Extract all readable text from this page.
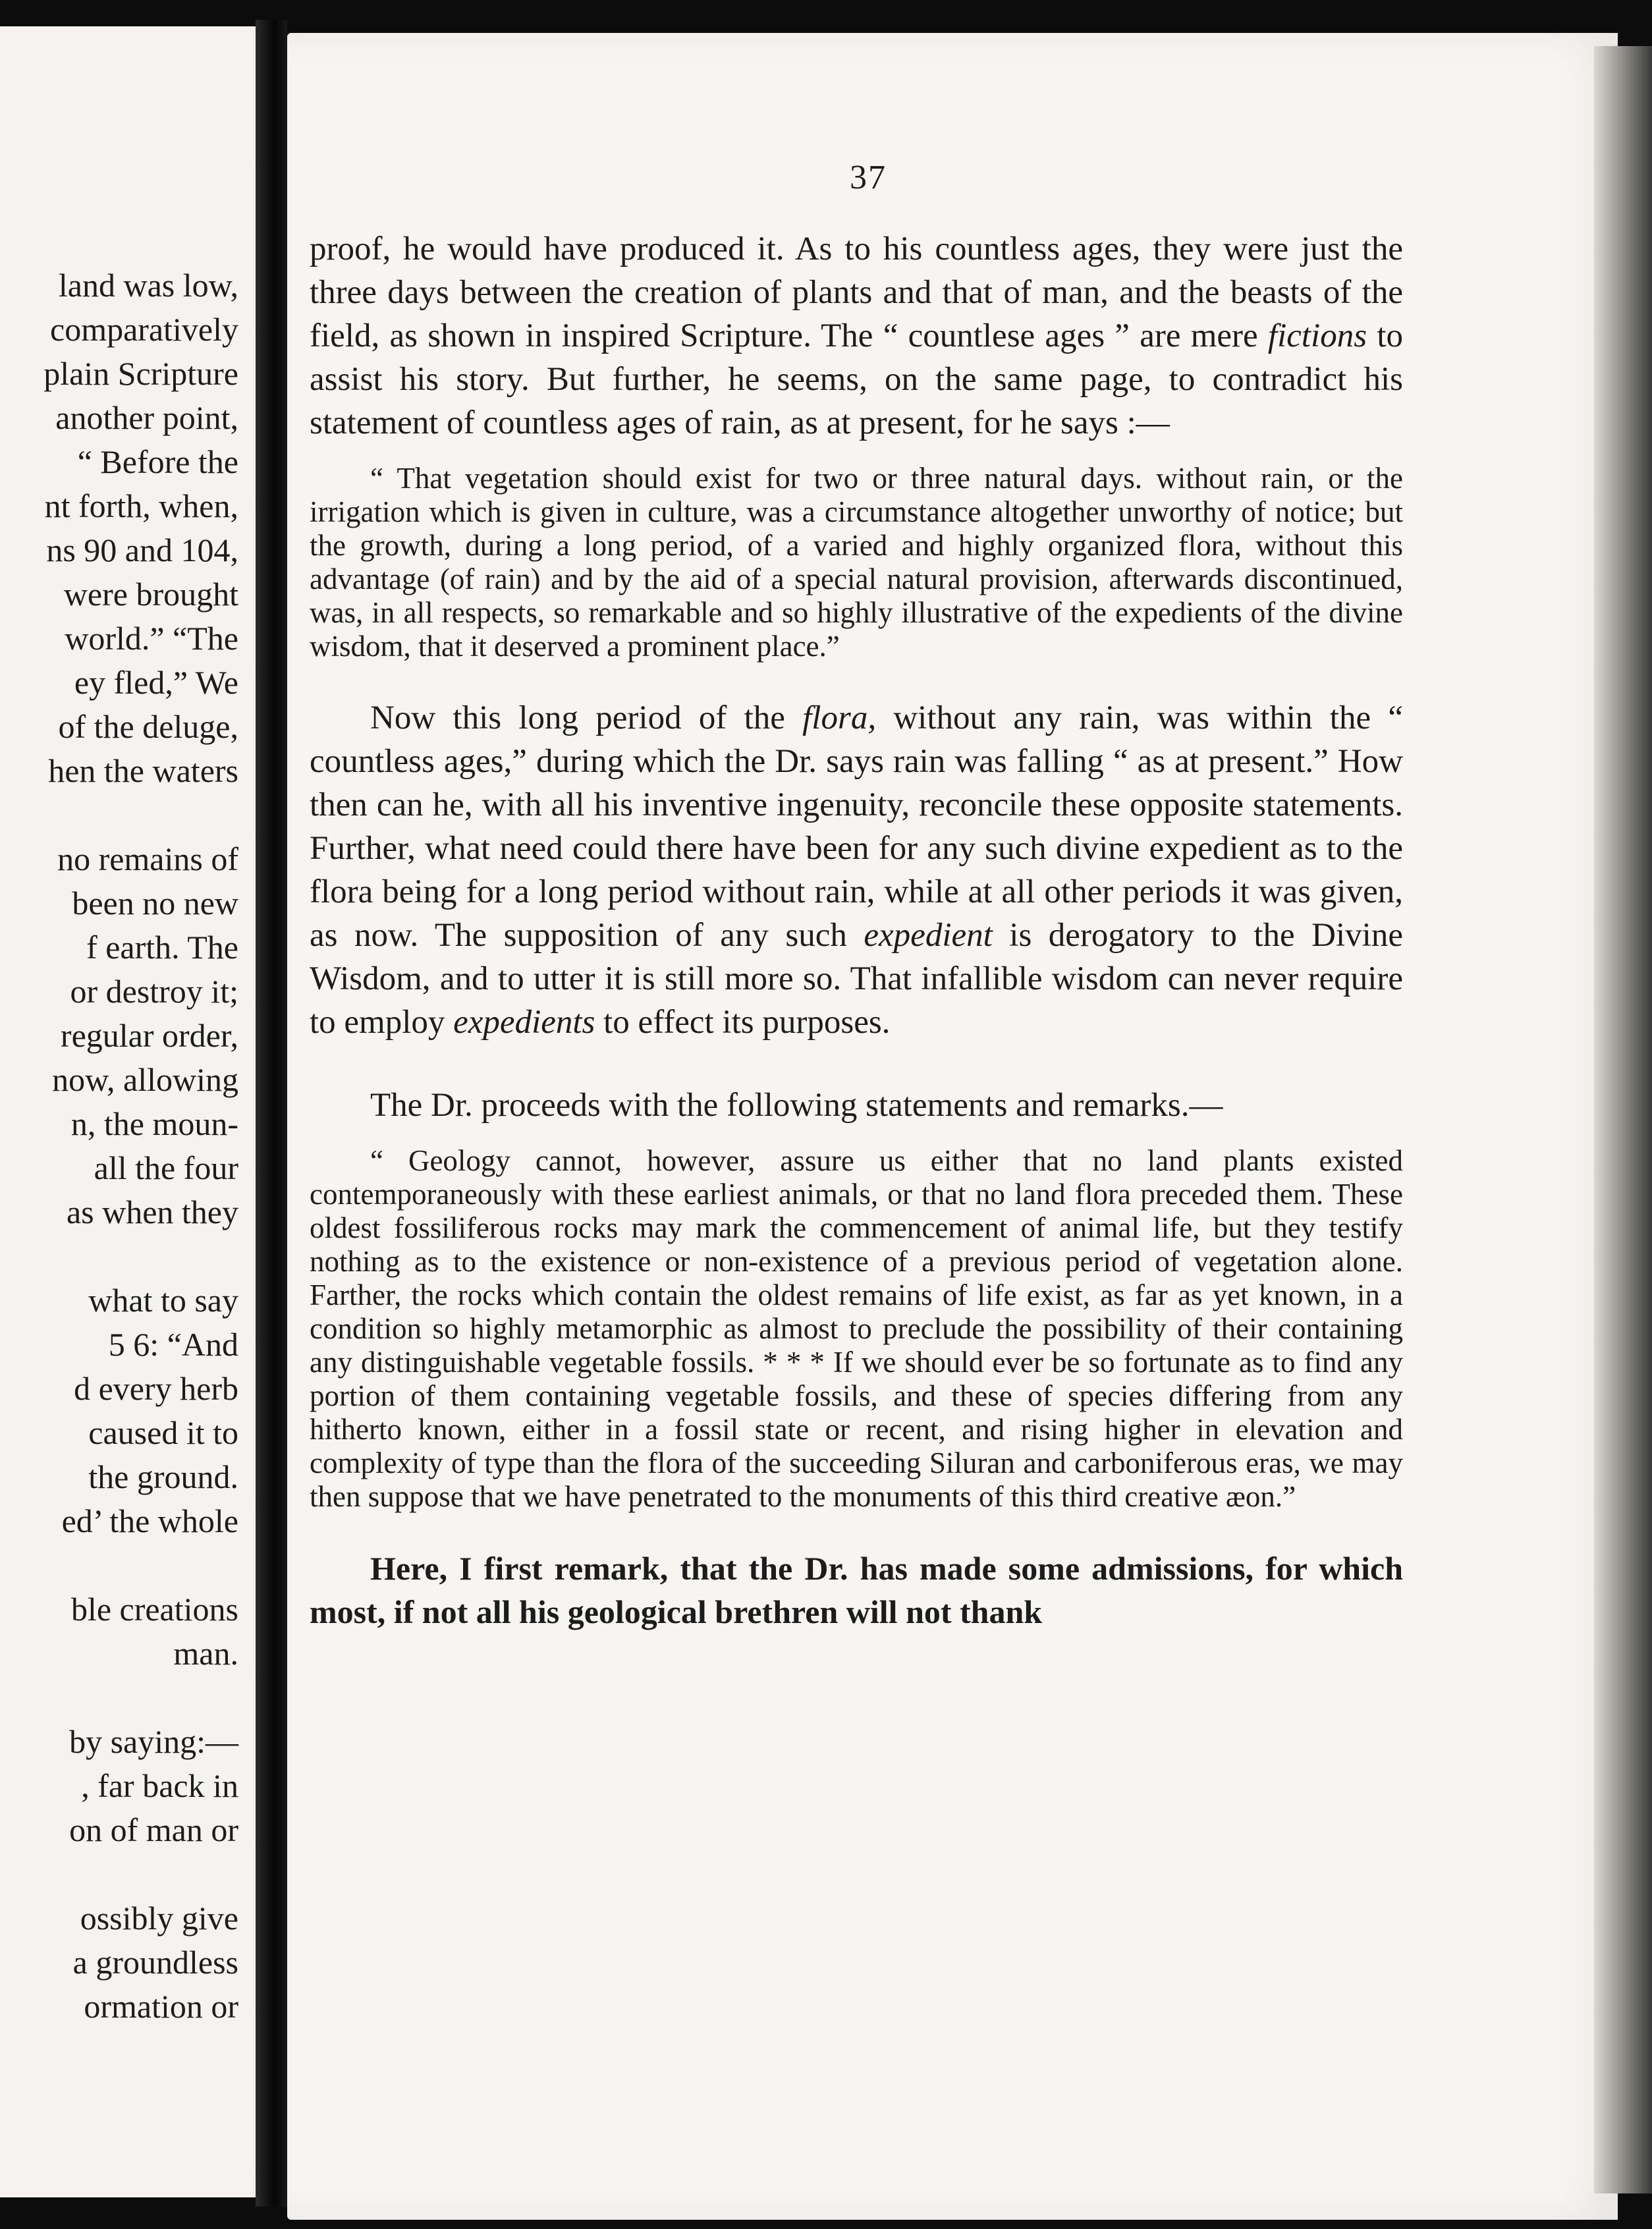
land was low,
comparatively
plain Scripture
another point,
“ Before the
nt forth, when,
ns 90 and 104,
were brought
world.” “The
ey fled,” We
of the deluge,
hen the waters
no remains of
been no new
f earth. The
or destroy it;
regular order,
now, allowing
n, the moun-
all the four
as when they
what to say
5 6: “And
d every herb
caused it to
the ground.
ed’ the whole
ble creations
man.
by saying:—
, far back in
on of man or
ossibly give
a groundless
ormation or
37

proof, he would have produced it. As to his countless ages, they were just the three days between the creation of plants and that of man, and the beasts of the field, as shown in inspired Scripture. The “ countlese ages ” are mere fictions to assist his story. But further, he seems, on the same page, to contradict his statement of countless ages of rain, as at present, for he says :—

“ That vegetation should exist for two or three natural days. without rain, or the irrigation which is given in culture, was a circumstance altogether unworthy of notice; but the growth, during a long period, of a varied and highly organized flora, without this advantage (of rain) and by the aid of a special natural provision, afterwards discontinued, was, in all respects, so remarkable and so highly illustrative of the expedients of the divine wisdom, that it deserved a prominent place.”

Now this long period of the flora, without any rain, was within the “ countless ages,” during which the Dr. says rain was falling “ as at present.” How then can he, with all his inventive ingenuity, reconcile these opposite statements. Further, what need could there have been for any such divine expedient as to the flora being for a long period without rain, while at all other periods it was given, as now. The supposition of any such expedient is derogatory to the Divine Wisdom, and to utter it is still more so. That infallible wisdom can never require to employ expedients to effect its purposes.

The Dr. proceeds with the following statements and remarks.—

“ Geology cannot, however, assure us either that no land plants existed contemporaneously with these earliest animals, or that no land flora preceded them. These oldest fossiliferous rocks may mark the commencement of animal life, but they testify nothing as to the existence or non-existence of a previous period of vegetation alone. Farther, the rocks which contain the oldest remains of life exist, as far as yet known, in a condition so highly metamorphic as almost to preclude the possibility of their containing any distinguishable vegetable fossils. * * * If we should ever be so fortunate as to find any portion of them containing vegetable fossils, and these of species differing from any hitherto known, either in a fossil state or recent, and rising higher in elevation and complexity of type than the flora of the succeeding Siluran and carboniferous eras, we may then suppose that we have penetrated to the monuments of this third creative æon.”

Here, I first remark, that the Dr. has made some admissions, for which most, if not all his geological brethren will not thank
